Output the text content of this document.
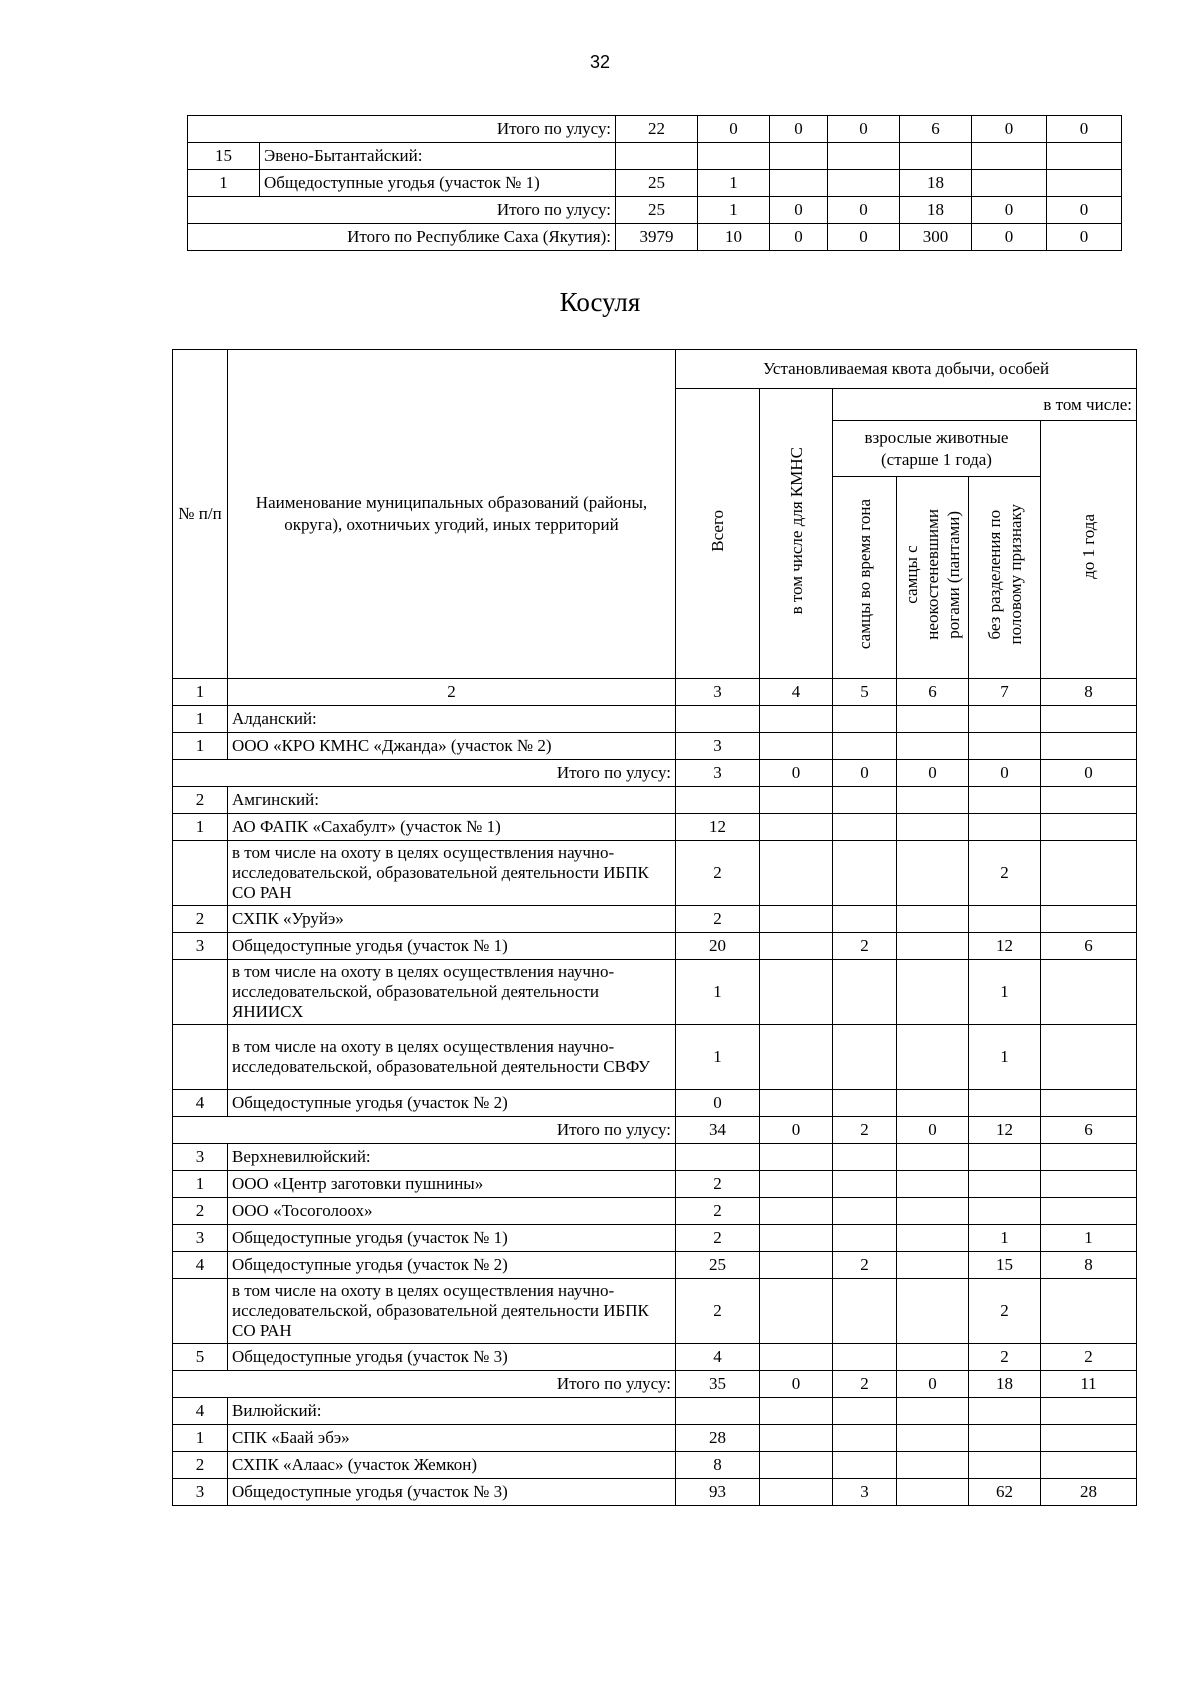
32
Итого по улусу:		22	0	0	0	6	0	0
15	Эвено-Бытантайский:							
1	Общедоступные угодья (участок № 1)	25	1			18		
Итого по улусу:		25	1	0	0	18	0	0
Итого по Республике Саха (Якутия):		3979	10	0	0	300	0	0
Косуля
№ п/п	Наименование муниципальных образований (районы, округа), охотничьих угодий, иных территорий	Установливаемая квота добычи, особей					
		Всего	в том числе для КМНС	в том числе:			
				взрослые животные (старше 1 года)			до 1 года
				самцы во время гона	самцы с неокостеневшими рогами (пантами)	без разделения по половому признаку	
1	2	3	4	5	6	7	8
1	Алданский:						
1	ООО «КРО КМНС «Джанда» (участок № 2)	3					
Итого по улусу:		3	0	0	0	0	0
2	Амгинский:						
1	АО ФАПК «Сахабулт» (участок № 1)	12					
	в том числе на охоту в целях осуществления научно-исследовательской, образовательной деятельности ИБПК СО РАН	2				2	
2	СХПК «Уруйэ»	2					
3	Общедоступные угодья (участок № 1)	20		2		12	6
	в том числе на охоту в целях осуществления научно-исследовательской, образовательной деятельности ЯНИИСХ	1				1	
	в том числе на охоту в целях осуществления научно-исследовательской, образовательной деятельности СВФУ	1				1	
4	Общедоступные угодья (участок № 2)	0					
Итого по улусу:		34	0	2	0	12	6
3	Верхневилюйский:						
1	ООО «Центр заготовки пушнины»	2					
2	ООО «Тосоголоох»	2					
3	Общедоступные угодья (участок № 1)	2				1	1
4	Общедоступные угодья (участок № 2)	25		2		15	8
	в том числе на охоту в целях осуществления научно-исследовательской, образовательной деятельности ИБПК СО РАН	2				2	
5	Общедоступные угодья (участок № 3)	4				2	2
Итого по улусу:		35	0	2	0	18	11
4	Вилюйский:						
1	СПК «Баай эбэ»	28					
2	СХПК «Алаас» (участок Жемкон)	8					
3	Общедоступные угодья (участок № 3)	93		3		62	28
